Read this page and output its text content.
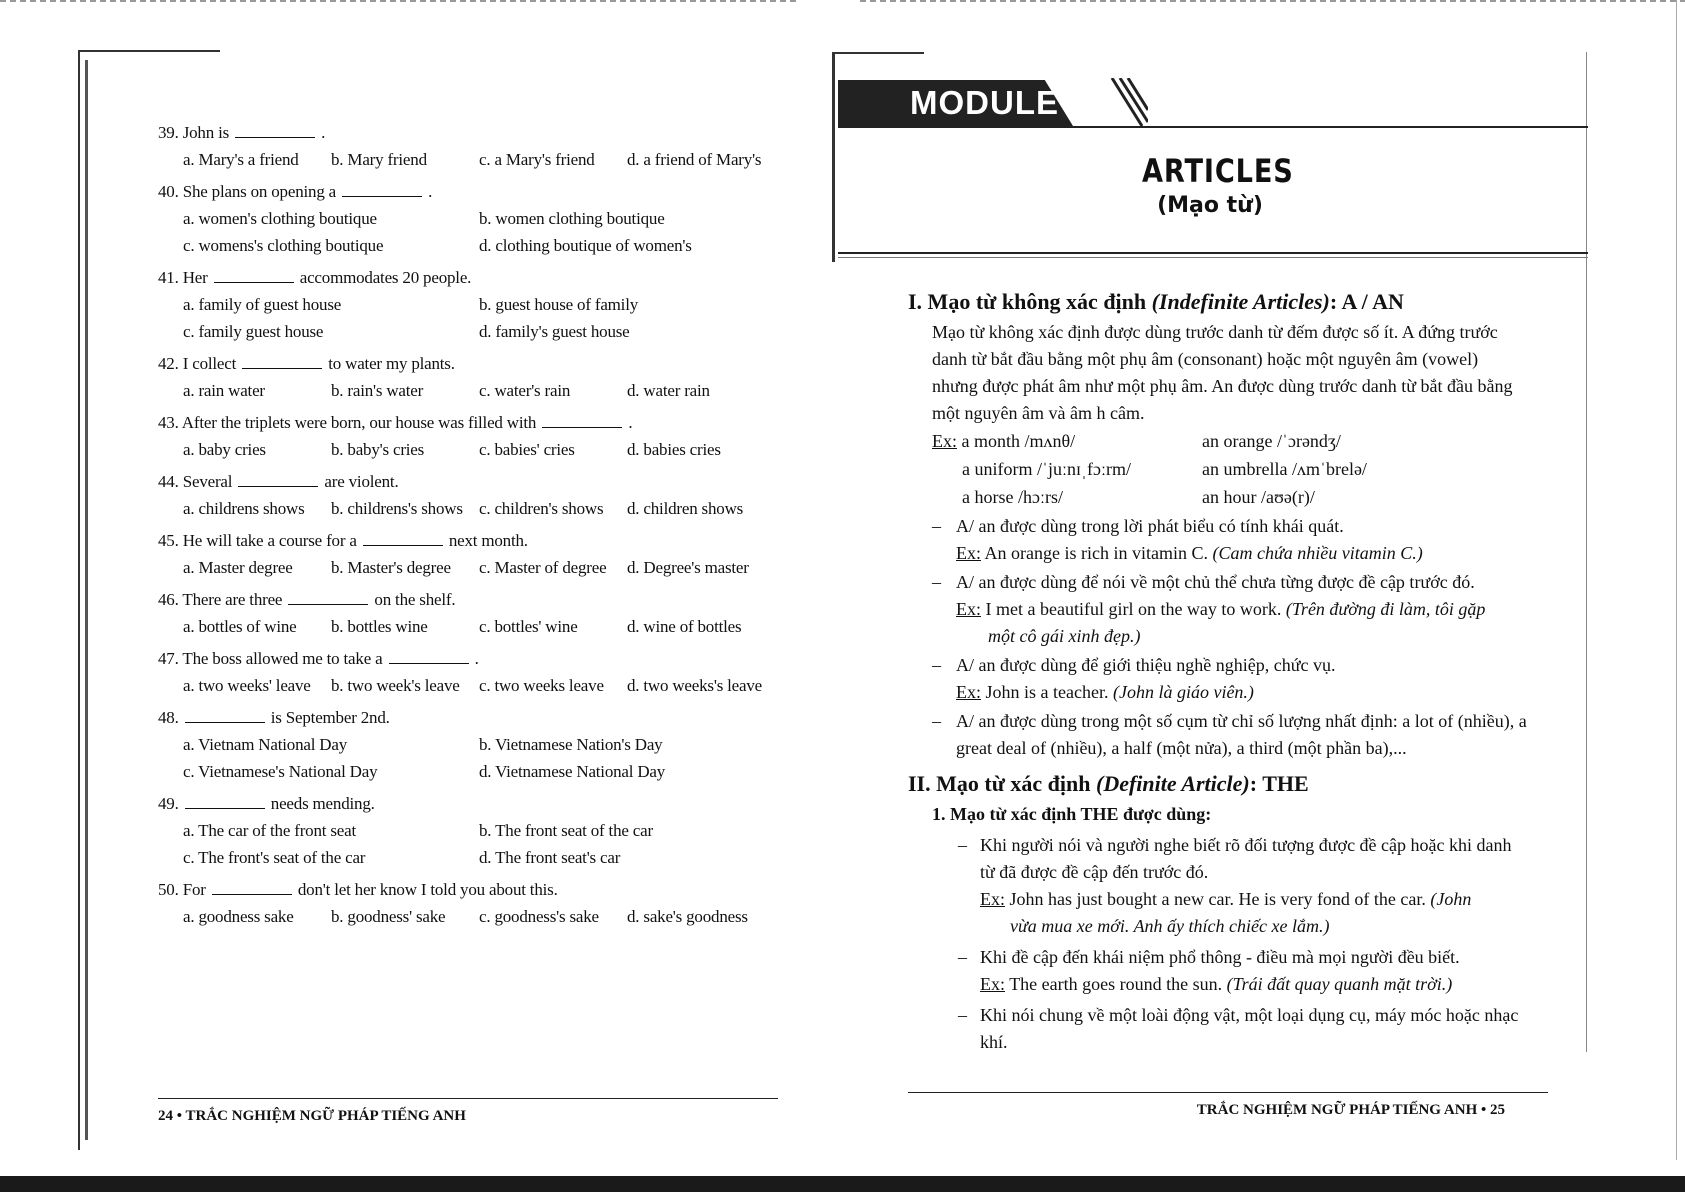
39. John is	.
a. Mary's a friend	b. Mary friend	c. a Mary's friend	d. a friend of Mary's
40. She plans on opening a	.
a. women's clothing boutique	b. women clothing boutique
c. womens's clothing boutique	d. clothing boutique of women's
41. Her	accommodates 20 people.
a. family of guest house	b. guest house of family
c. family guest house	d. family's guest house
42. I collect	to water my plants.
a. rain water	b. rain's water	c. water's rain	d. water rain
43. After the triplets were born, our house was filled with	.
a. baby cries	b. baby's cries	c. babies' cries	d. babies cries
44. Several	are violent.
a. childrens shows	b. childrens's shows c. children's shows	d. children shows
45. He will take a course for a	next month.
a. Master degree	b. Master's degree	c. Master of degree	d. Degree's master
46. There are three	on the shelf.
a. bottles of wine	b. bottles wine	c. bottles' wine	d. wine of bottles
47. The boss allowed me to take a	.
a. two weeks' leave	b. two week's leave	c. two weeks leave	d. two weeks's leave
48.	is September 2nd.
a. Vietnam National Day	b. Vietnamese Nation's Day
c. Vietnamese's National Day	d. Vietnamese National Day
49.	needs mending.
a. The car of the front seat	b. The front seat of the car
c. The front's seat of the car	d. The front seat's car
50. For	don't let her know I told you about this.
a. goodness sake	b. goodness' sake	c. goodness's sake	d. sake's goodness
24 • TRẮC NGHIỆM NGỮ PHÁP TIẾNG ANH
MODULE 4
ARTICLES
(Mạo từ)
I. Mạo từ không xác định (Indefinite Articles): A / AN
Mạo từ không xác định được dùng trước danh từ đếm được số ít. A đứng trước danh từ bắt đầu bằng một phụ âm (consonant) hoặc một nguyên âm (vowel) nhưng được phát âm như một phụ âm. An được dùng trước danh từ bắt đầu bằng một nguyên âm và âm h câm.
Ex: a month /mʌnθ/	an orange /ˈɔrəndʒ/
a uniform /ˈjuːnɪˌfɔːrm/	an umbrella /ʌmˈbrelə/
a horse /hɔːrs/	an hour /aʊə(r)/
– A/ an được dùng trong lời phát biểu có tính khái quát.
Ex: An orange is rich in vitamin C. (Cam chứa nhiều vitamin C.)
– A/ an được dùng để nói về một chủ thể chưa từng được đề cập trước đó.
Ex: I met a beautiful girl on the way to work. (Trên đường đi làm, tôi gặp
một cô gái xinh đẹp.)
– A/ an được dùng để giới thiệu nghề nghiệp, chức vụ.
Ex: John is a teacher. (John là giáo viên.)
– A/ an được dùng trong một số cụm từ chỉ số lượng nhất định: a lot of (nhiều), a great deal of (nhiều), a half (một nửa), a third (một phần ba),...
II. Mạo từ xác định (Definite Article): THE
1. Mạo từ xác định THE được dùng:
– Khi người nói và người nghe biết rõ đối tượng được đề cập hoặc khi danh từ đã được đề cập đến trước đó.
Ex: John has just bought a new car. He is very fond of the car. (John
vừa mua xe mới. Anh ấy thích chiếc xe lắm.)
– Khi đề cập đến khái niệm phổ thông - điều mà mọi người đều biết.
Ex: The earth goes round the sun. (Trái đất quay quanh mặt trời.)
– Khi nói chung về một loài động vật, một loại dụng cụ, máy móc hoặc nhạc khí.
TRẮC NGHIỆM NGỮ PHÁP TIẾNG ANH • 25
